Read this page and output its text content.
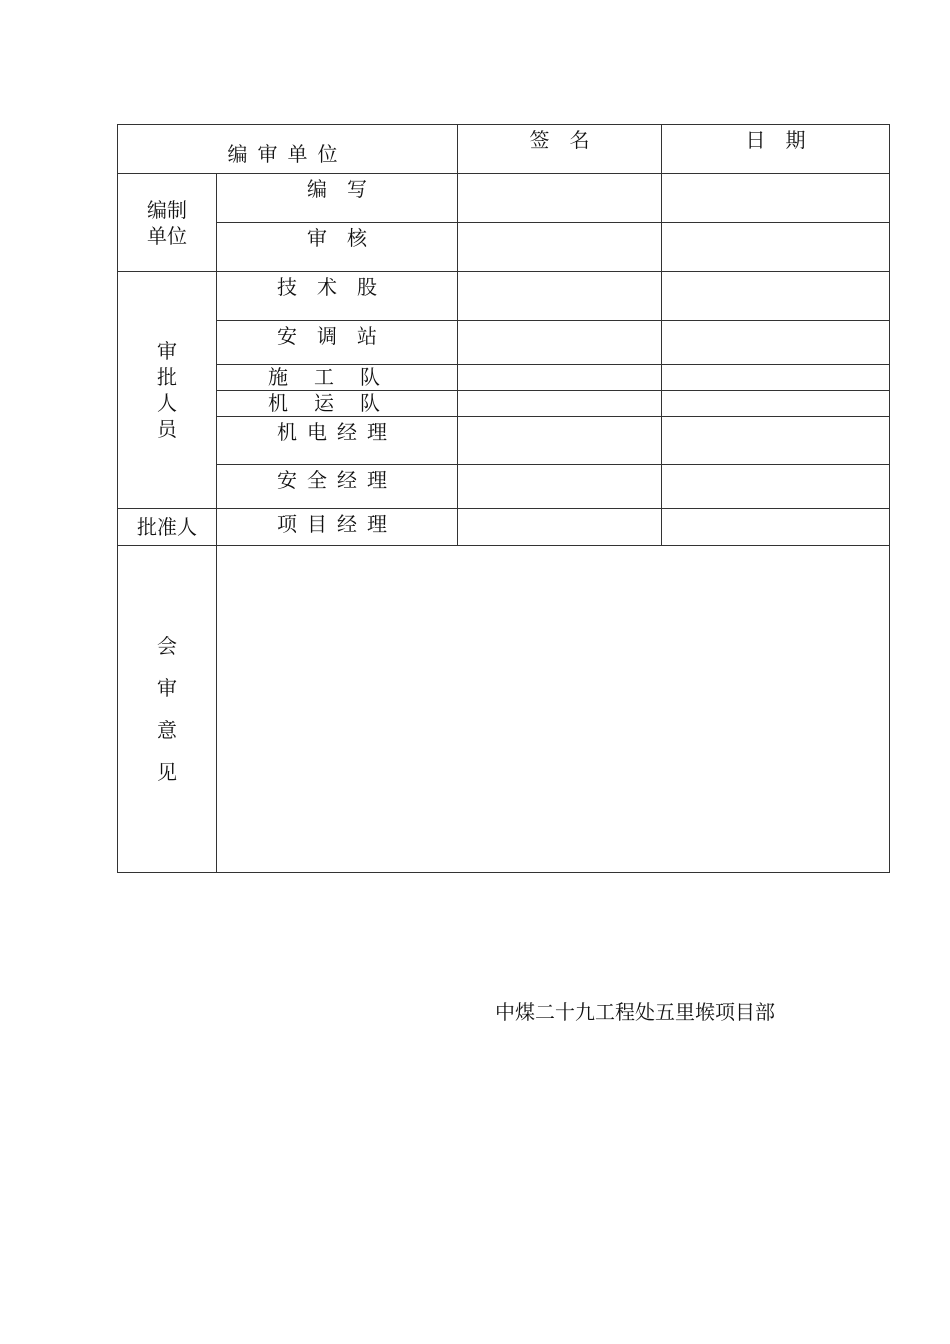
编审单位		签　名	日　期
编制单位	编　写		
	审　核		
审批人员	技术股		
	安调站		
	施工队		
	机运队		
	机电经理		
	安全经理		
批准人	项目经理		
会审意见			
中煤二十九工程处五里堠项目部
